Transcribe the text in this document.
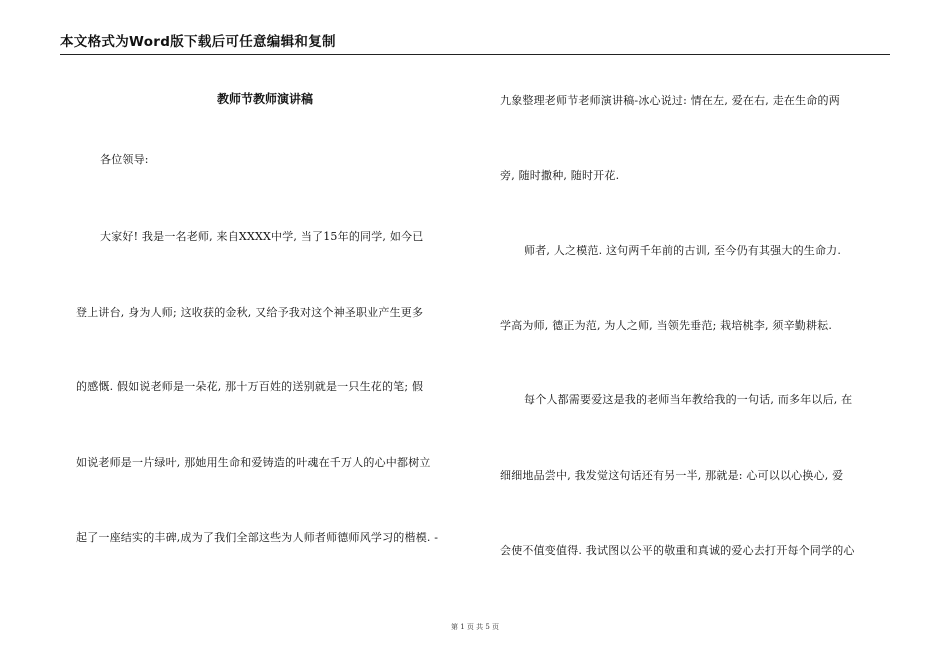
本文格式为Word版下载后可任意编辑和复制
教师节教师演讲稿
各位领导:
大家好! 我是一名老师, 来自XXXX中学, 当了15年的同学, 如今已
登上讲台, 身为人师; 这收获的金秋, 又给予我对这个神圣职业产生更多
的感慨. 假如说老师是一朵花, 那十万百姓的送别就是一只生花的笔; 假
如说老师是一片绿叶, 那她用生命和爱铸造的叶魂在千万人的心中都树立
起了一座结实的丰碑,成为了我们全部这些为人师者师德师风学习的楷模. -
九象整理老师节老师演讲稿-冰心说过: 情在左, 爱在右, 走在生命的两
旁, 随时撒种, 随时开花.
师者, 人之模范. 这句两千年前的古训, 至今仍有其强大的生命力.
学高为师, 德正为范, 为人之师, 当领先垂范; 栽培桃李, 须辛勤耕耘.
每个人都需要爱这是我的老师当年教给我的一句话, 而多年以后, 在
细细地品尝中, 我发觉这句话还有另一半, 那就是: 心可以以心换心, 爱
会使不值变值得. 我试图以公平的敬重和真诚的爱心去打开每个同学的心
第 1 页 共 5 页
